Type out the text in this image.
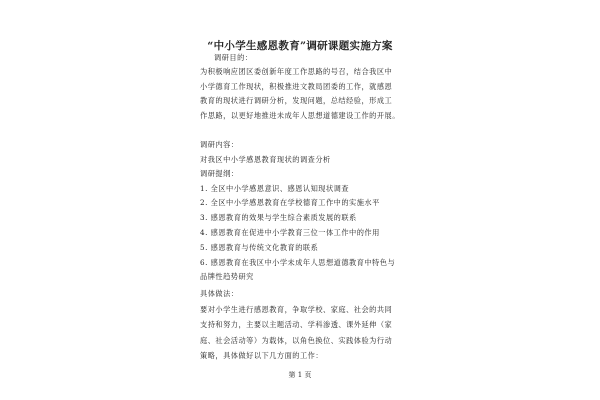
“中小学生感恩教育”调研课题实施方案
调研目的：
为积极响应团区委创新年度工作思路的号召，结合我区中
小学德育工作现状，积极推进文教局团委的工作，就感恩
教育的现状进行调研分析，发现问题，总结经验，形成工
作思路，以更好地推进未成年人思想道德建设工作的开展。
调研内容：
对我区中小学感恩教育现状的调查分析
调研提纲：
1. 全区中小学感恩意识、感恩认知现状调查
2. 全区中小学感恩教育在学校德育工作中的实施水平
3. 感恩教育的效果与学生综合素质发展的联系
4. 感恩教育在促进中小学教育三位一体工作中的作用
5. 感恩教育与传统文化教育的联系
6. 感恩教育在我区中小学未成年人思想道德教育中特色与
品牌性趋势研究
具体做法：
要对小学生进行感恩教育，争取学校、家庭、社会的共同
支持和努力，主要以主题活动、学科渗透、课外延伸（家
庭、社会活动等）为载体，以角色换位、实践体验为行动
策略，具体做好以下几方面的工作：
第 1 页
